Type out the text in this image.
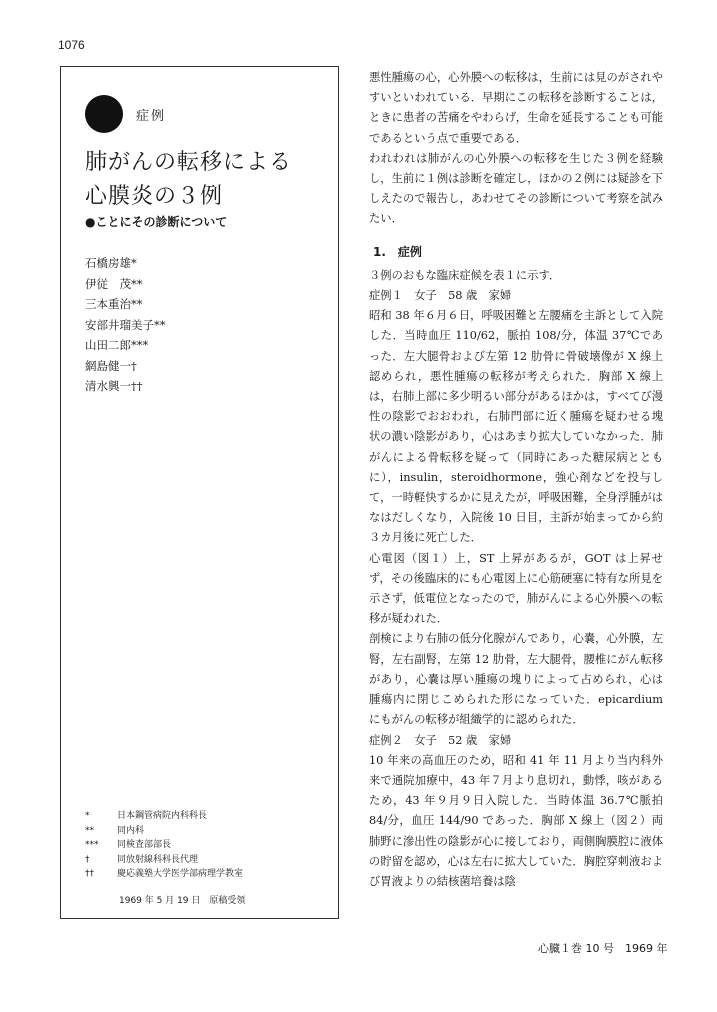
1076
症例
肺がんの転移による
心膜炎の３例
●ことにその診断について
石橋房雄*
伊従　茂**
三本重治**
安部井瑠美子**
山田二郎***
網島健一†
清水興一††
*	日本鋼管病院内科科長
**	同内科
***	同検査部部長
†	同放射線科科長代理
††	慶応義塾大学医学部病理学教室
1969 年 5 月 19 日　原稿受領

悪性腫瘍の心，心外膜への転移は，生前には見のがされやすいといわれている．早期にこの転移を診断することは，ときに患者の苦痛をやわらげ，生命を延長することも可能であるという点で重要である．

われわれは肺がんの心外膜への転移を生じた３例を経験し，生前に１例は診断を確定し，ほかの２例には疑診を下しえたので報告し，あわせてその診断について考察を試みたい．

1.　症例

３例のおもな臨床症候を表１に示す．

症例１　女子　58 歳　家婦

昭和 38 年６月６日，呼吸困難と左腰痛を主訴として入院した．当時血圧 110/62，脈拍 108/分，体温 37℃であった．左大腿骨および左第 12 肋骨に骨破壊像が X 線上認められ，悪性腫瘍の転移が考えられた．胸部 X 線上は，右肺上部に多少明るい部分があるほかは，すべてび漫性の陰影でおおわれ，右肺門部に近く腫瘍を疑わせる塊状の濃い陰影があり，心はあまり拡大していなかった．肺がんによる骨転移を疑って（同時にあった糖尿病とともに），insulin，steroidhormone，強心剤などを投与して，一時軽快するかに見えたが，呼吸困難，全身浮腫がはなはだしくなり，入院後 10 日目，主訴が始まってから約３カ月後に死亡した．

心電図（図１）上，ST 上昇があるが，GOT は上昇せず，その後臨床的にも心電図上に心筋硬塞に特有な所見を示さず，低電位となったので，肺がんによる心外膜への転移が疑われた．

剖検により右肺の低分化腺がんであり，心嚢，心外膜，左腎，左右副腎，左第 12 肋骨，左大腿骨，腰椎にがん転移があり，心嚢は厚い腫瘍の塊りによって占められ，心は腫瘍内に閉じこめられた形になっていた．epicardium にもがんの転移が組織学的に認められた．

症例２　女子　52 歳　家婦

10 年来の高血圧のため，昭和 41 年 11 月より当内科外来で通院加療中，43 年７月より息切れ，動悸，咳があるため，43 年９月９日入院した．当時体温 36.7℃脈拍 84/分，血圧 144/90 であった．胸部 X 線上（図２）両肺野に滲出性の陰影が心に接しており，両側胸膜腔に液体の貯留を認め，心は左右に拡大していた．胸腔穿刺液および胃液よりの結核菌培養は陰

心臓１巻 10 号　1969 年
